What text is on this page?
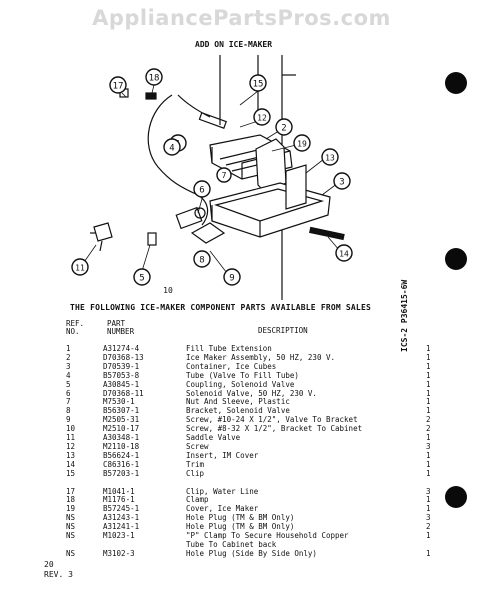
AppliancePartsPros.com
ADD ON ICE-MAKER
18
17	15
12
2
19
13
3
4
6
14
8
9
5
11
7
10	16
THE FOLLOWING ICE-MAKER COMPONENT PARTS AVAILABLE FROM SALES	ICS-2 P36415-6W
REF.
NO.
PART
NUMBER	DESCRIPTION
1	A31274-4	Fill Tube Extension	1
2	D70368-13	Ice Maker Assembly, 50 HZ, 230 V.	1
3	D70539-1	Container, Ice Cubes	1
4	B57053-8	Tube (Valve To Fill Tube)	1
5	A30845-1	Coupling, Solenoid Valve	1
6	D70368-11	Solenoid Valve, 50 HZ, 230 V.	1
7	M7530-1	Nut And Sleeve, Plastic	1
8	B56307-1	Bracket, Solenoid Valve	1
9	M2505-31	Screw, #10-24 X 1/2", Valve To Bracket	2
10	M2510-17	Screw, #8-32 X 1/2", Bracket To Cabinet	2
11	A30348-1	Saddle Valve	1
12	M2110-18	Screw	3
13	B56624-1	Insert, IM Cover	1
14	C86316-1	Trim	1
15	B57203-1	Clip	1
17	M1041-1	Clip, Water Line	3
18	M1176-1	Clamp	1
19	B57245-1	Cover, Ice Maker	1
NS	A31243-1	Hole Plug (TM & BM Only)	3
NS	A31241-1	Hole Plug (TM & BM Only)	2
NS	M1023-1	"P" Clamp To Secure Household Copper	1
Tube To Cabinet back
NS	M3102-3	Hole Plug (Side By Side Only)	1
20
REV. 3
